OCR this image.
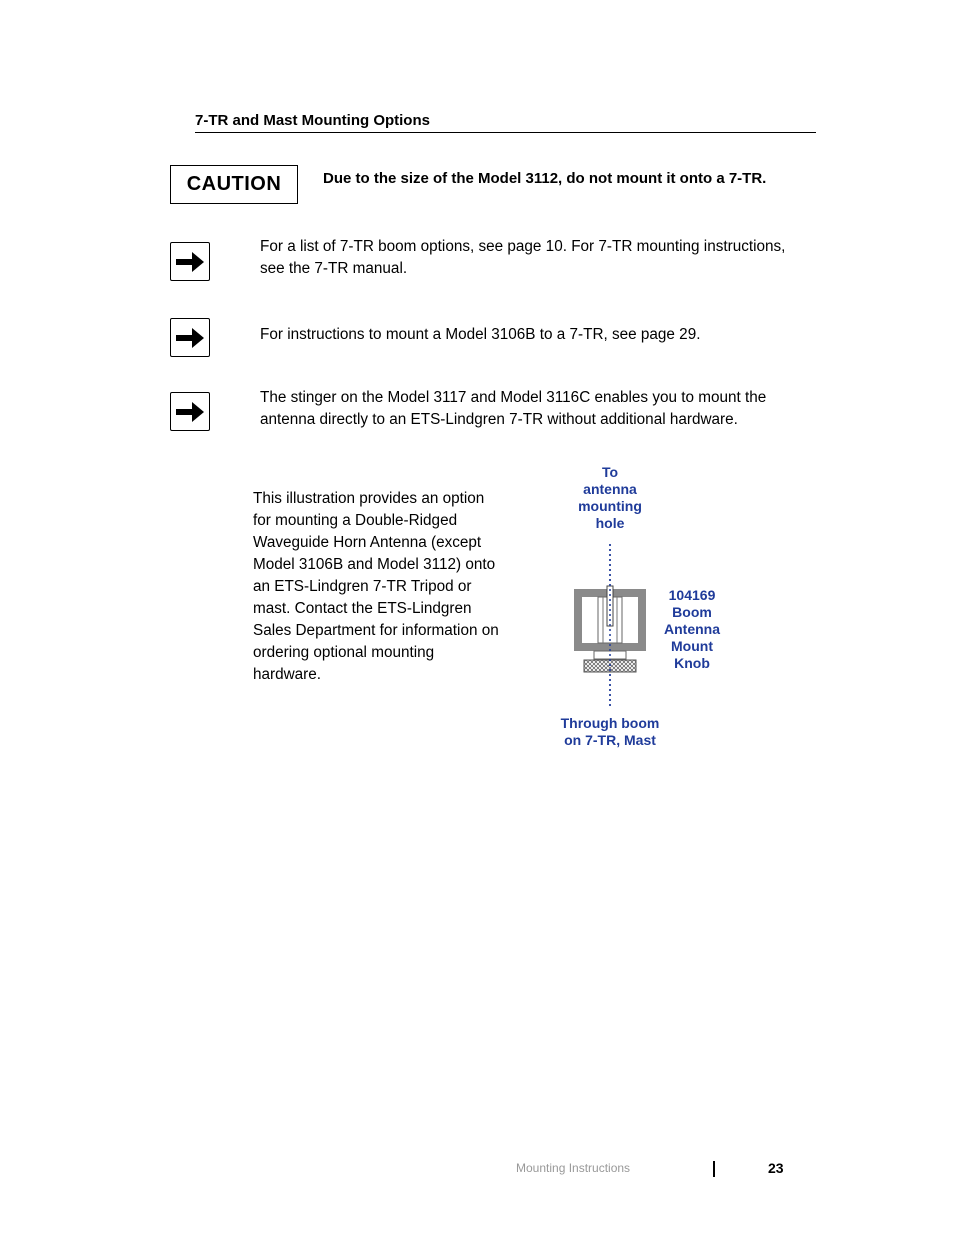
7-TR and Mast Mounting Options
CAUTION	Due to the size of the Model 3112, do not mount it onto a 7-TR.
For a list of 7-TR boom options, see page 10. For 7-TR mounting instructions,
see the 7-TR manual.
For instructions to mount a Model 3106B to a 7-TR, see page 29.
The stinger on the Model 3117 and Model 3116C enables you to mount the
antenna directly to an ETS-Lindgren 7-TR without additional hardware.
This illustration provides an option
for mounting a Double-Ridged
Waveguide Horn Antenna (except
Model 3106B and Model 3112) onto
an ETS-Lindgren 7-TR Tripod or
mast. Contact the ETS-Lindgren
Sales Department for information on
ordering optional mounting
hardware.
To
antenna
mounting
hole
104169
Boom
Antenna
Mount
Knob
Through boom
on 7-TR, Mast
Mounting Instructions	23
